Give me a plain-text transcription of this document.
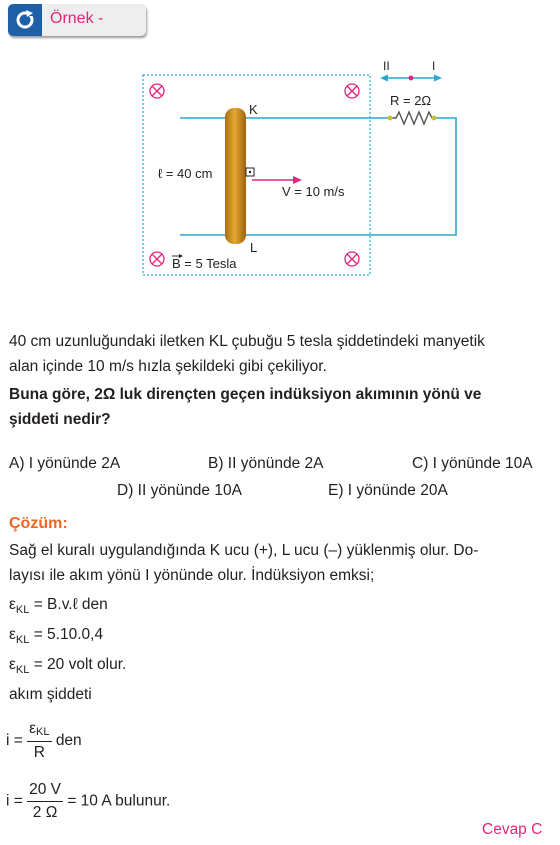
Örnek -
K
L
ℓ = 40 cm
V = 10 m/s
R = 2Ω
II	I
B = 5 Tesla
40 cm uzunluğundaki iletken KL çubuğu 5 tesla şiddetindeki manyetik
alan içinde 10 m/s hızla şekildeki gibi çekiliyor.
Buna göre, 2Ω luk dirençten geçen indüksiyon akımının yönü ve
şiddeti nedir?
A) I yönünde 2A	B) II yönünde 2A	C) I yönünde 10A
D) II yönünde 10A	E) I yönünde 20A
Çözüm:
Sağ el kuralı uygulandığında K ucu (+), L ucu (–) yüklenmiş olur. Do-
layısı ile akım yönü I yönünde olur. İndüksiyon emksi;
$\varepsilon_{KL}$ = B.v.ℓ den
$\varepsilon_{KL} = 5.10.0,4$
$\varepsilon_{KL} = 20$ volt olur.
akım şiddeti
$i = \frac{\text{εKL}}{R}$ den
$i = \frac{20 V}{2 \Omega} = 10$ A bulunur.
Cevap C
